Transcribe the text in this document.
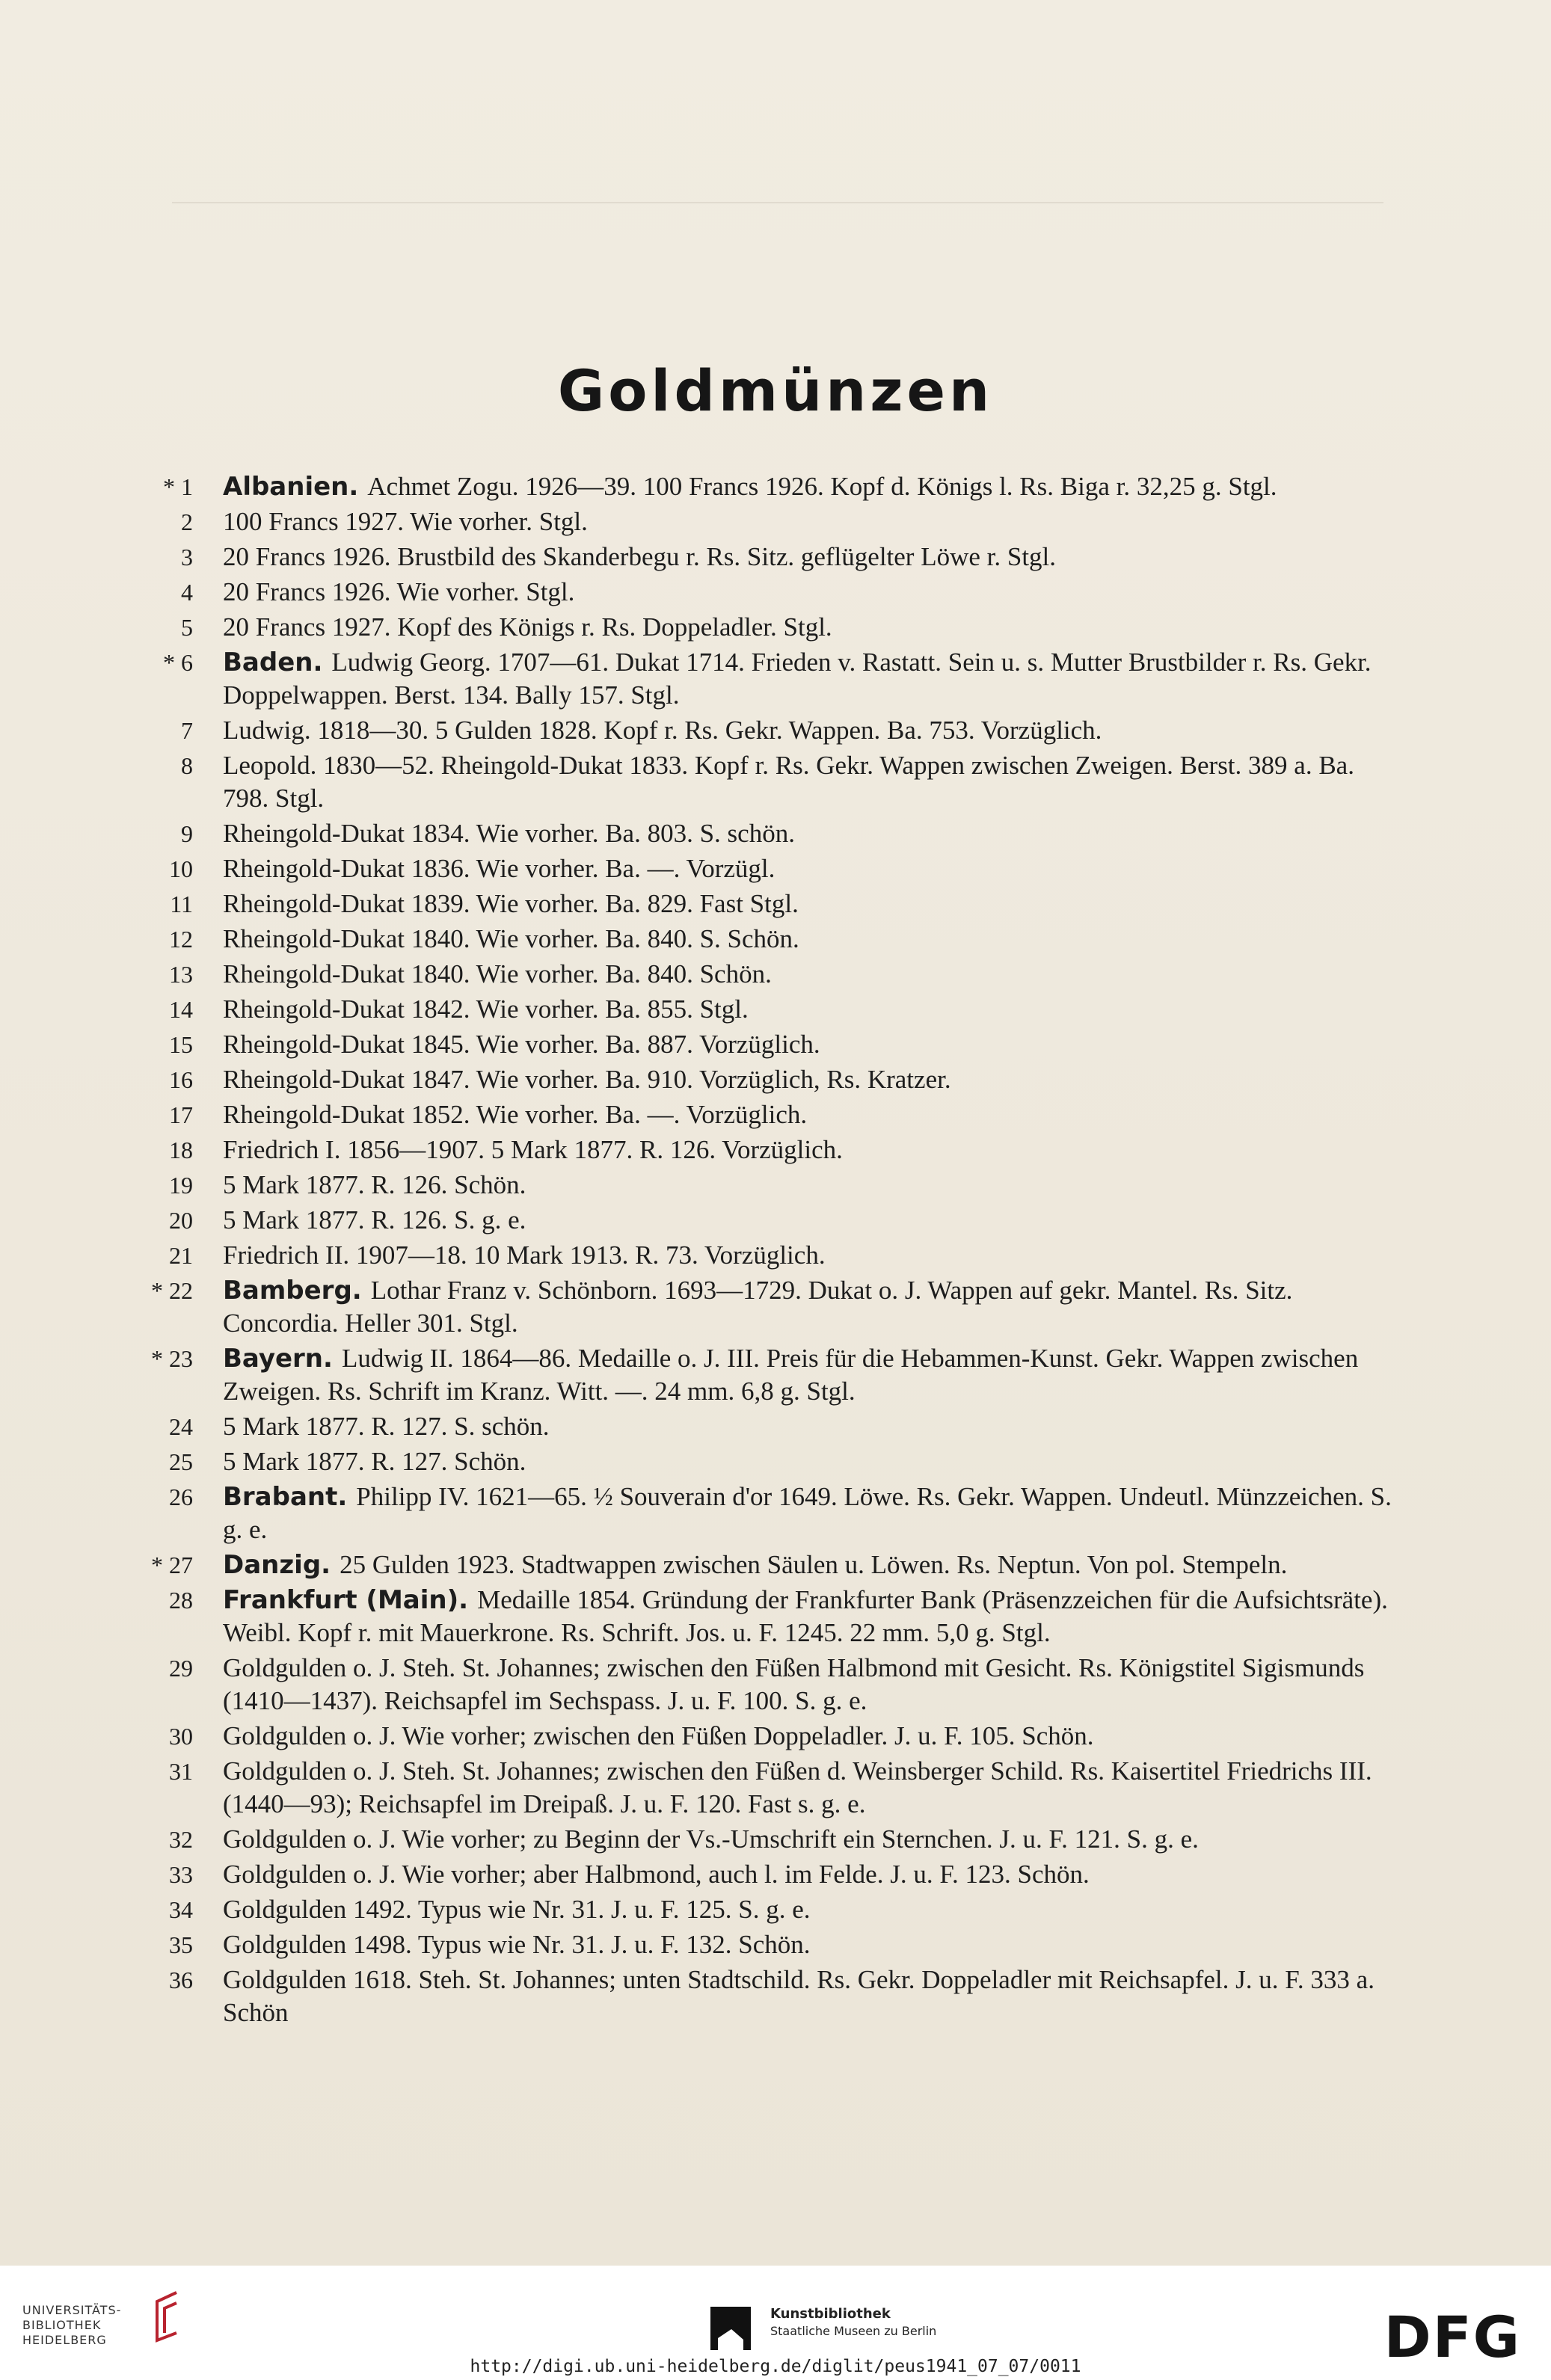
Goldmünzen
* 1	Albanien. Achmet Zogu. 1926—39. 100 Francs 1926. Kopf d. Königs l. Rs. Biga r. 32,25 g. Stgl.
2	100 Francs 1927. Wie vorher. Stgl.
3	20 Francs 1926. Brustbild des Skanderbegu r. Rs. Sitz. geflügelter Löwe r. Stgl.
4	20 Francs 1926. Wie vorher. Stgl.
5	20 Francs 1927. Kopf des Königs r. Rs. Doppeladler. Stgl.
* 6	Baden. Ludwig Georg. 1707—61. Dukat 1714. Frieden v. Rastatt. Sein u. s. Mutter Brustbilder r. Rs. Gekr. Doppelwappen. Berst. 134. Bally 157. Stgl.
7	Ludwig. 1818—30. 5 Gulden 1828. Kopf r. Rs. Gekr. Wappen. Ba. 753. Vorzüglich.
8	Leopold. 1830—52. Rheingold-Dukat 1833. Kopf r. Rs. Gekr. Wappen zwischen Zweigen. Berst. 389 a. Ba. 798. Stgl.
9	Rheingold-Dukat 1834. Wie vorher. Ba. 803. S. schön.
10	Rheingold-Dukat 1836. Wie vorher. Ba. —. Vorzügl.
11	Rheingold-Dukat 1839. Wie vorher. Ba. 829. Fast Stgl.
12	Rheingold-Dukat 1840. Wie vorher. Ba. 840. S. Schön.
13	Rheingold-Dukat 1840. Wie vorher. Ba. 840. Schön.
14	Rheingold-Dukat 1842. Wie vorher. Ba. 855. Stgl.
15	Rheingold-Dukat 1845. Wie vorher. Ba. 887. Vorzüglich.
16	Rheingold-Dukat 1847. Wie vorher. Ba. 910. Vorzüglich, Rs. Kratzer.
17	Rheingold-Dukat 1852. Wie vorher. Ba. —. Vorzüglich.
18	Friedrich I. 1856—1907. 5 Mark 1877. R. 126. Vorzüglich.
19	5 Mark 1877. R. 126. Schön.
20	5 Mark 1877. R. 126. S. g. e.
21	Friedrich II. 1907—18. 10 Mark 1913. R. 73. Vorzüglich.
* 22	Bamberg. Lothar Franz v. Schönborn. 1693—1729. Dukat o. J. Wappen auf gekr. Mantel. Rs. Sitz. Concordia. Heller 301. Stgl.
* 23	Bayern. Ludwig II. 1864—86. Medaille o. J. III. Preis für die Hebammen-Kunst. Gekr. Wappen zwischen Zweigen. Rs. Schrift im Kranz. Witt. —. 24 mm. 6,8 g. Stgl.
24	5 Mark 1877. R. 127. S. schön.
25	5 Mark 1877. R. 127. Schön.
26	Brabant. Philipp IV. 1621—65. ½ Souverain d'or 1649. Löwe. Rs. Gekr. Wappen. Undeutl. Münzzeichen. S. g. e.
* 27	Danzig. 25 Gulden 1923. Stadtwappen zwischen Säulen u. Löwen. Rs. Neptun. Von pol. Stempeln.
28	Frankfurt (Main). Medaille 1854. Gründung der Frankfurter Bank (Präsenzzeichen für die Aufsichtsräte). Weibl. Kopf r. mit Mauerkrone. Rs. Schrift. Jos. u. F. 1245. 22 mm. 5,0 g. Stgl.
29	Goldgulden o. J. Steh. St. Johannes; zwischen den Füßen Halbmond mit Gesicht. Rs. Königstitel Sigismunds (1410—1437). Reichsapfel im Sechspass. J. u. F. 100. S. g. e.
30	Goldgulden o. J. Wie vorher; zwischen den Füßen Doppeladler. J. u. F. 105. Schön.
31	Goldgulden o. J. Steh. St. Johannes; zwischen den Füßen d. Weinsberger Schild. Rs. Kaisertitel Friedrichs III. (1440—93); Reichsapfel im Dreipaß. J. u. F. 120. Fast s. g. e.
32	Goldgulden o. J. Wie vorher; zu Beginn der Vs.-Umschrift ein Sternchen. J. u. F. 121. S. g. e.
33	Goldgulden o. J. Wie vorher; aber Halbmond, auch l. im Felde. J. u. F. 123. Schön.
34	Goldgulden 1492. Typus wie Nr. 31. J. u. F. 125. S. g. e.
35	Goldgulden 1498. Typus wie Nr. 31. J. u. F. 132. Schön.
36	Goldgulden 1618. Steh. St. Johannes; unten Stadtschild. Rs. Gekr. Doppeladler mit Reichsapfel. J. u. F. 333 a. Schön
UNIVERSITÄTS-
BIBLIOTHEK
HEIDELBERG
Kunstbibliothek
Staatliche Museen zu Berlin	DFG
http://digi.ub.uni-heidelberg.de/diglit/peus1941_07_07/0011
